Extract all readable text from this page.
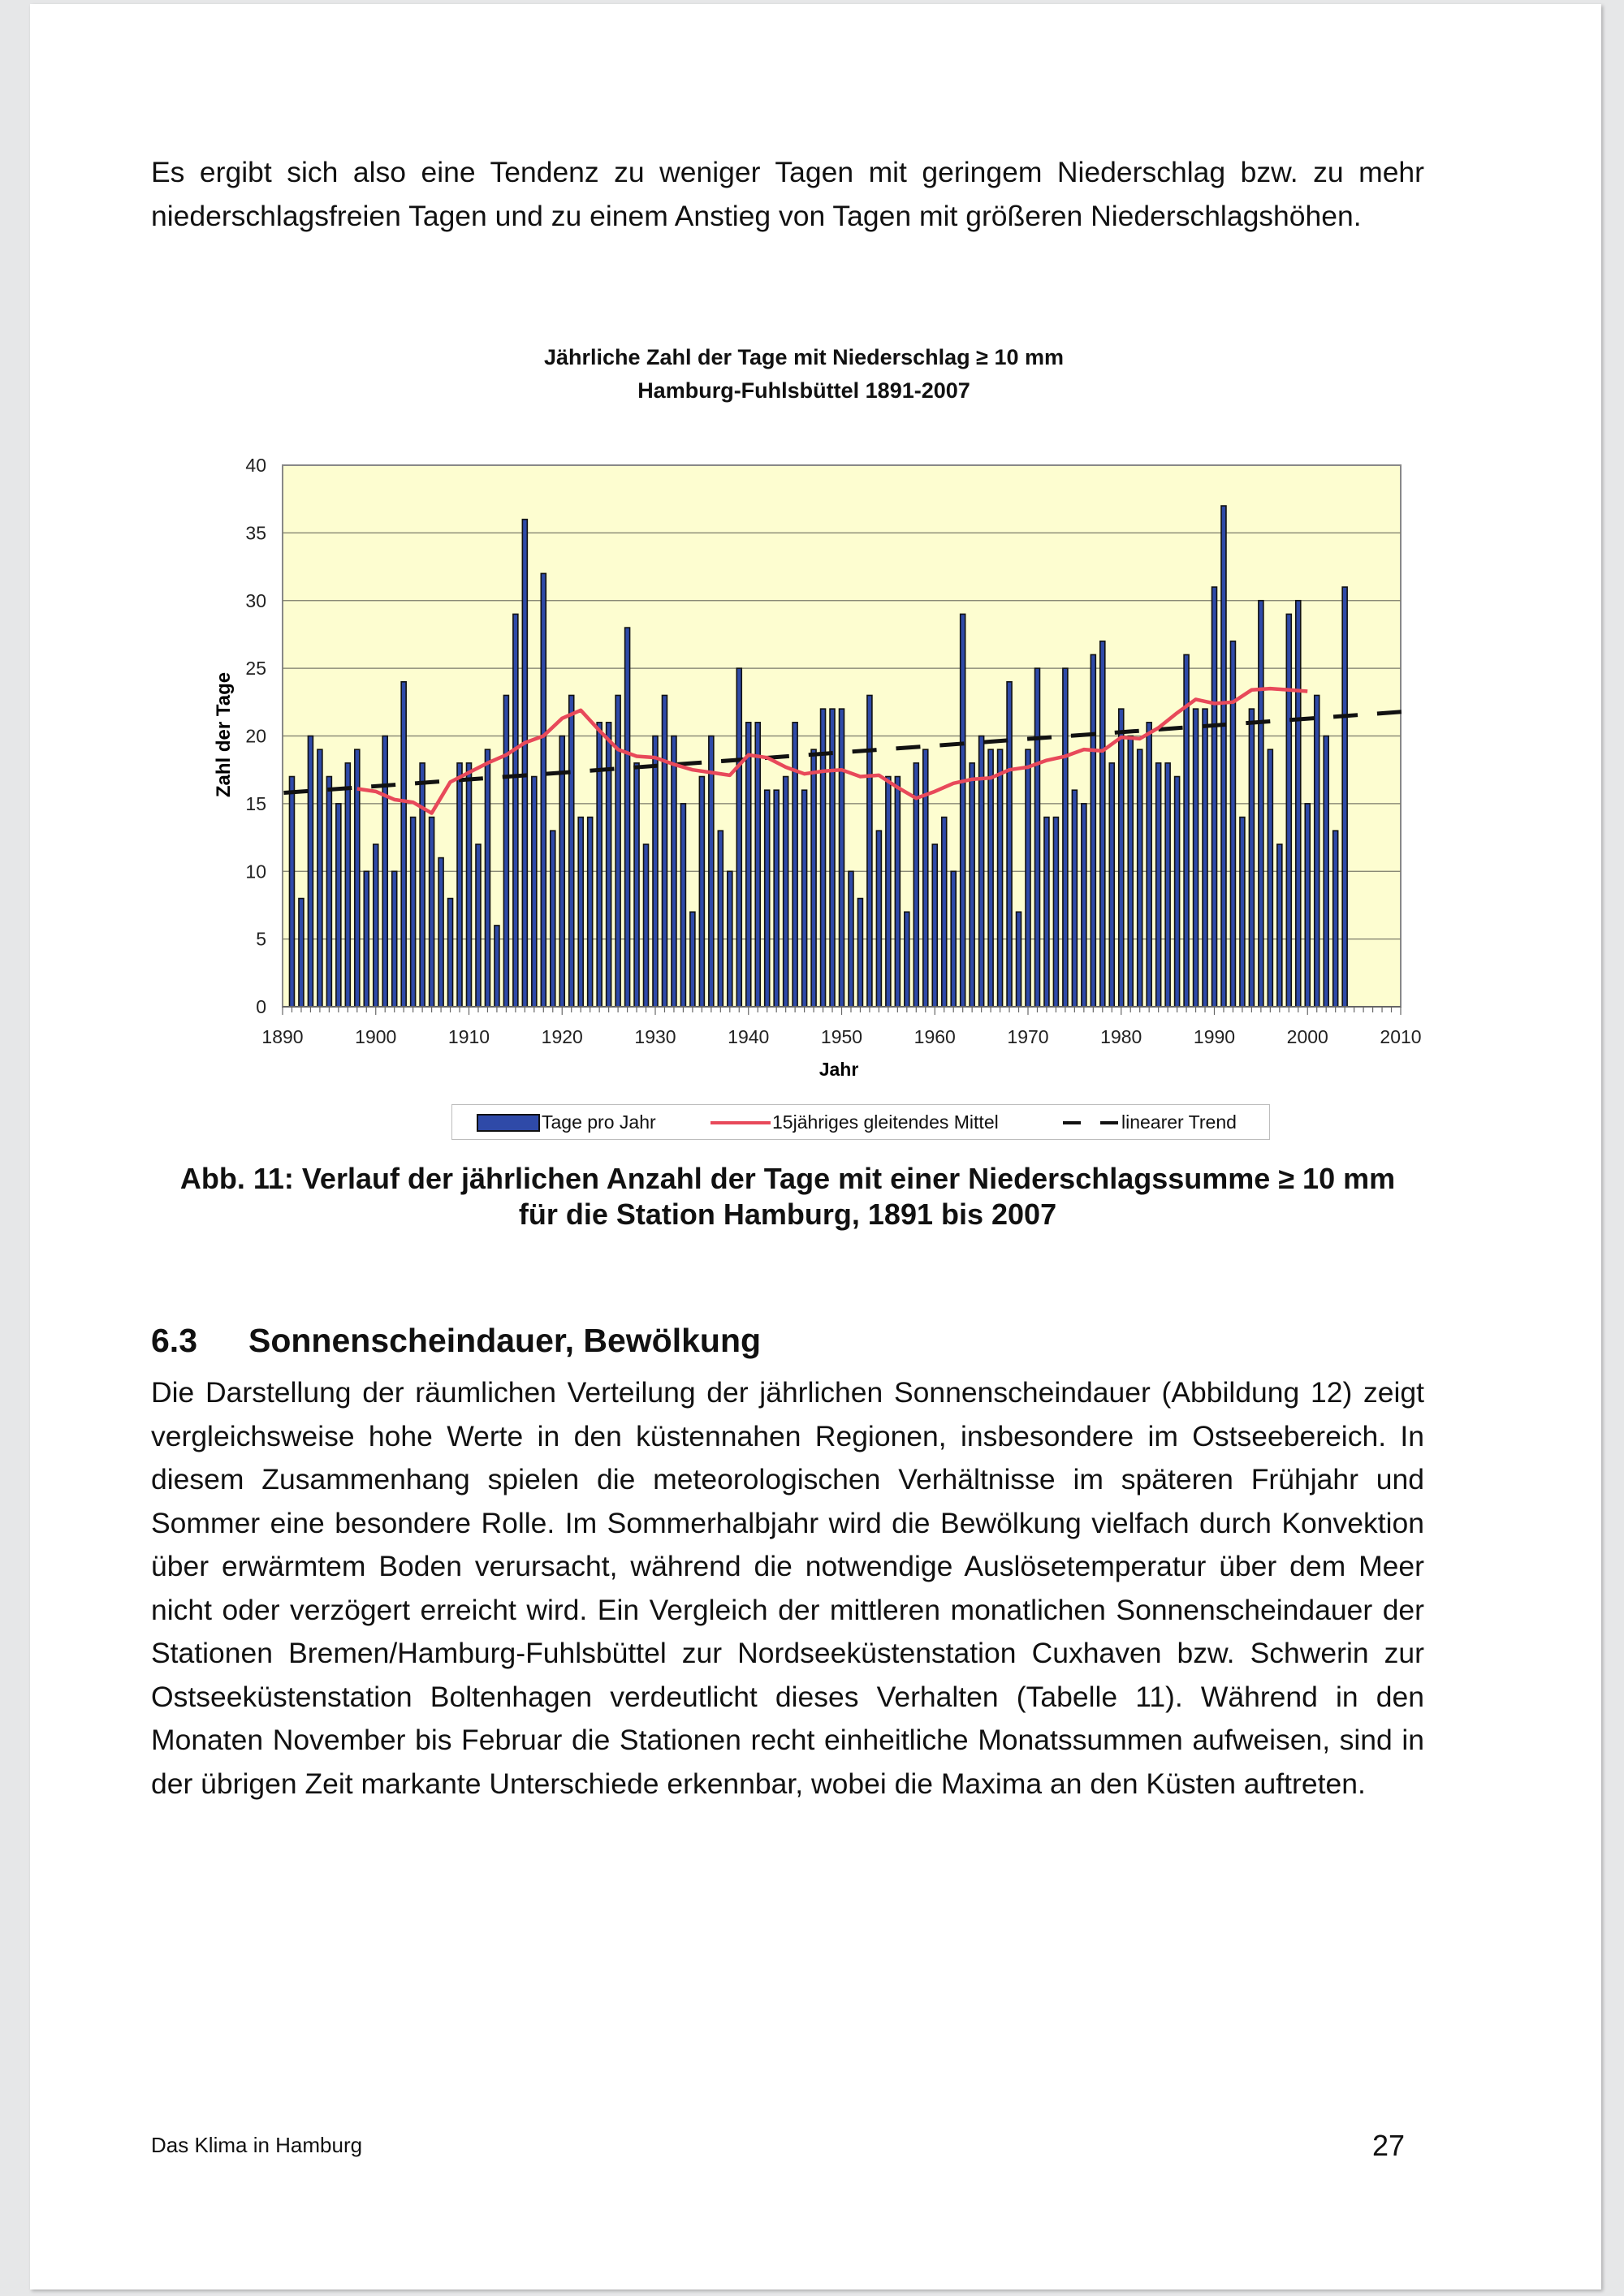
Es ergibt sich also eine Tendenz zu weniger Tagen mit geringem Niederschlag bzw. zu mehr niederschlagsfreien Tagen und zu einem Anstieg von Tagen mit größeren Niederschlagshöhen.
Jährliche Zahl der Tage mit Niederschlag ≥ 10 mm
Hamburg-Fuhlsbüttel 1891-2007
1890	1900	1910	1920	1930	1940	1950	1960	1970	1980	1990	2000	2010
0
5
10
15
20
25
30
35
40
Zahl der Tage
Jahr
Tage pro Jahr	15jähriges gleitendes Mittel	linearer Trend
Abb. 11: Verlauf der jährlichen Anzahl der Tage mit einer Niederschlagssumme ≥ 10 mm
für die Station Hamburg, 1891 bis 2007
6.3 Sonnenscheindauer, Bewölkung
Die Darstellung der räumlichen Verteilung der jährlichen Sonnenscheindauer (Abbildung 12) zeigt vergleichsweise hohe Werte in den küstennahen Regionen, insbesondere im Ostseebereich. In diesem Zusammenhang spielen die meteorologischen Verhältnisse im späteren Frühjahr und Sommer eine besondere Rolle. Im Sommerhalbjahr wird die Bewölkung vielfach durch Konvektion über erwärmtem Boden verursacht, während die notwendige Auslösetemperatur über dem Meer nicht oder verzögert erreicht wird. Ein Vergleich der mittleren monatlichen Sonnenscheindauer der Stationen Bremen/Hamburg-Fuhlsbüttel zur Nordseeküstenstation Cuxhaven bzw. Schwerin zur Ostseeküstenstation Boltenhagen verdeutlicht dieses Verhalten (Tabelle 11). Während in den Monaten November bis Februar die Stationen recht einheitliche Monatssummen aufweisen, sind in der übrigen Zeit markante Unterschiede erkennbar, wobei die Maxima an den Küsten auftreten.
Das Klima in Hamburg	27
